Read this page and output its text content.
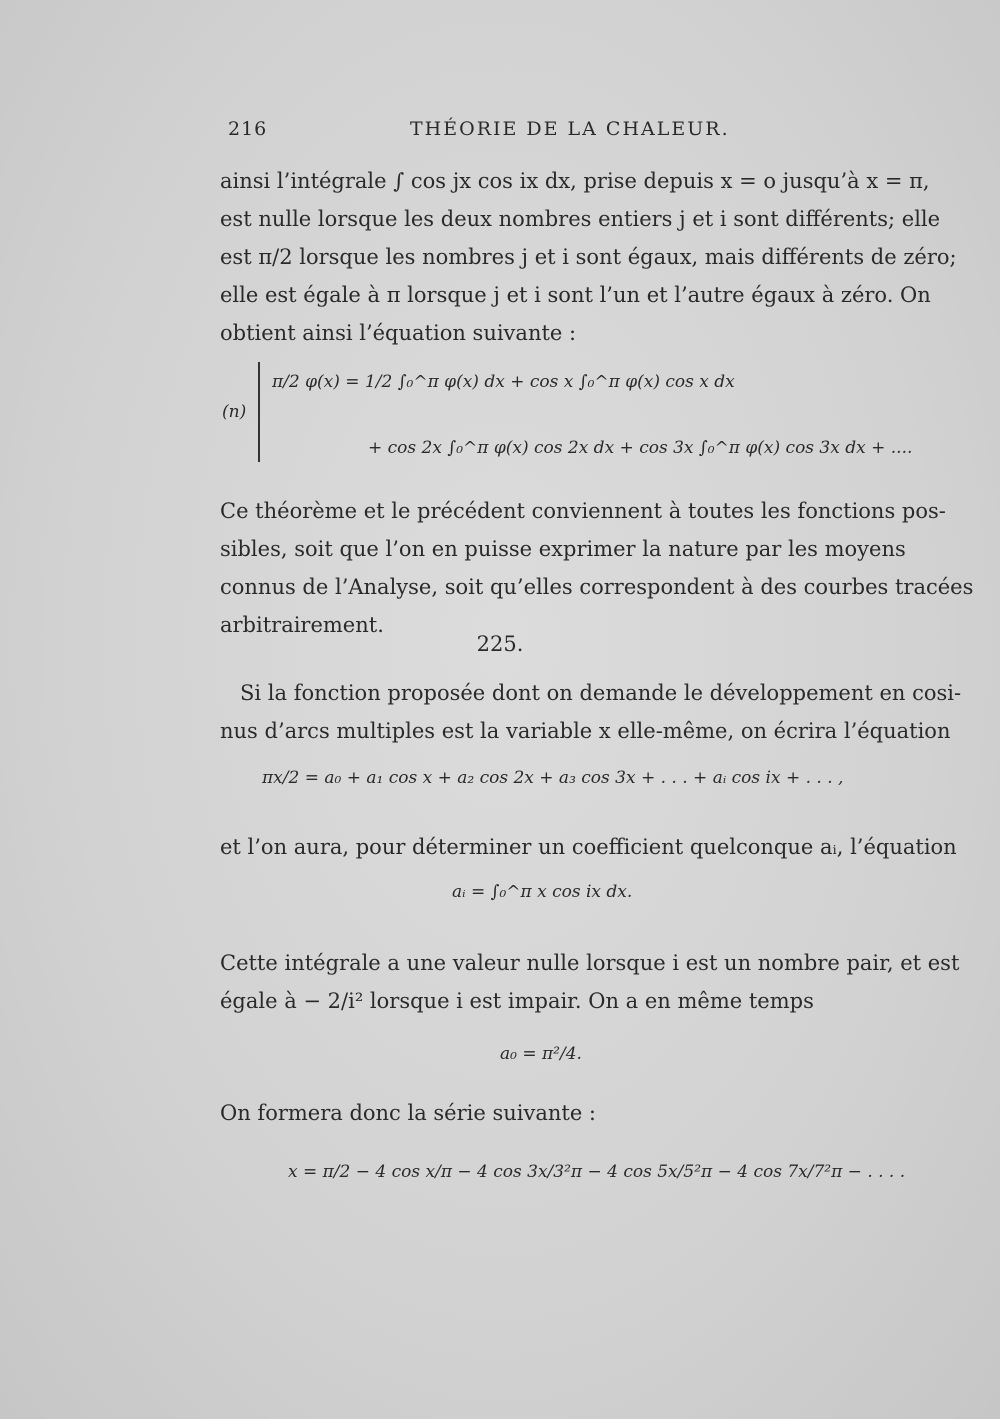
216	THÉORIE DE LA CHALEUR.
ainsi l’intégrale ∫ cos jx cos ix dx, prise depuis x = o jusqu’à x = π,
est nulle lorsque les deux nombres entiers j et i sont différents; elle
est π/2 lorsque les nombres j et i sont égaux, mais différents de zéro;
elle est égale à π lorsque j et i sont l’un et l’autre égaux à zéro. On
obtient ainsi l’équation suivante :
(n)
π/2 φ(x) = 1/2 ∫₀^π φ(x) dx + cos x ∫₀^π φ(x) cos x dx
+ cos 2x ∫₀^π φ(x) cos 2x dx + cos 3x ∫₀^π φ(x) cos 3x dx + ....
Ce théorème et le précédent conviennent à toutes les fonctions pos-
sibles, soit que l’on en puisse exprimer la nature par les moyens
connus de l’Analyse, soit qu’elles correspondent à des courbes tracées
arbitrairement.
225.
Si la fonction proposée dont on demande le développement en cosi-
nus d’arcs multiples est la variable x elle-même, on écrira l’équation
πx/2 = a₀ + a₁ cos x + a₂ cos 2x + a₃ cos 3x + . . . + aᵢ cos ix + . . . ,
et l’on aura, pour déterminer un coefficient quelconque aᵢ, l’équation
aᵢ = ∫₀^π x cos ix dx.
Cette intégrale a une valeur nulle lorsque i est un nombre pair, et est
égale à − 2/i² lorsque i est impair. On a en même temps
a₀ = π²/4.
On formera donc la série suivante :
x = π/2 − 4 cos x/π − 4 cos 3x/3²π − 4 cos 5x/5²π − 4 cos 7x/7²π − . . . .
